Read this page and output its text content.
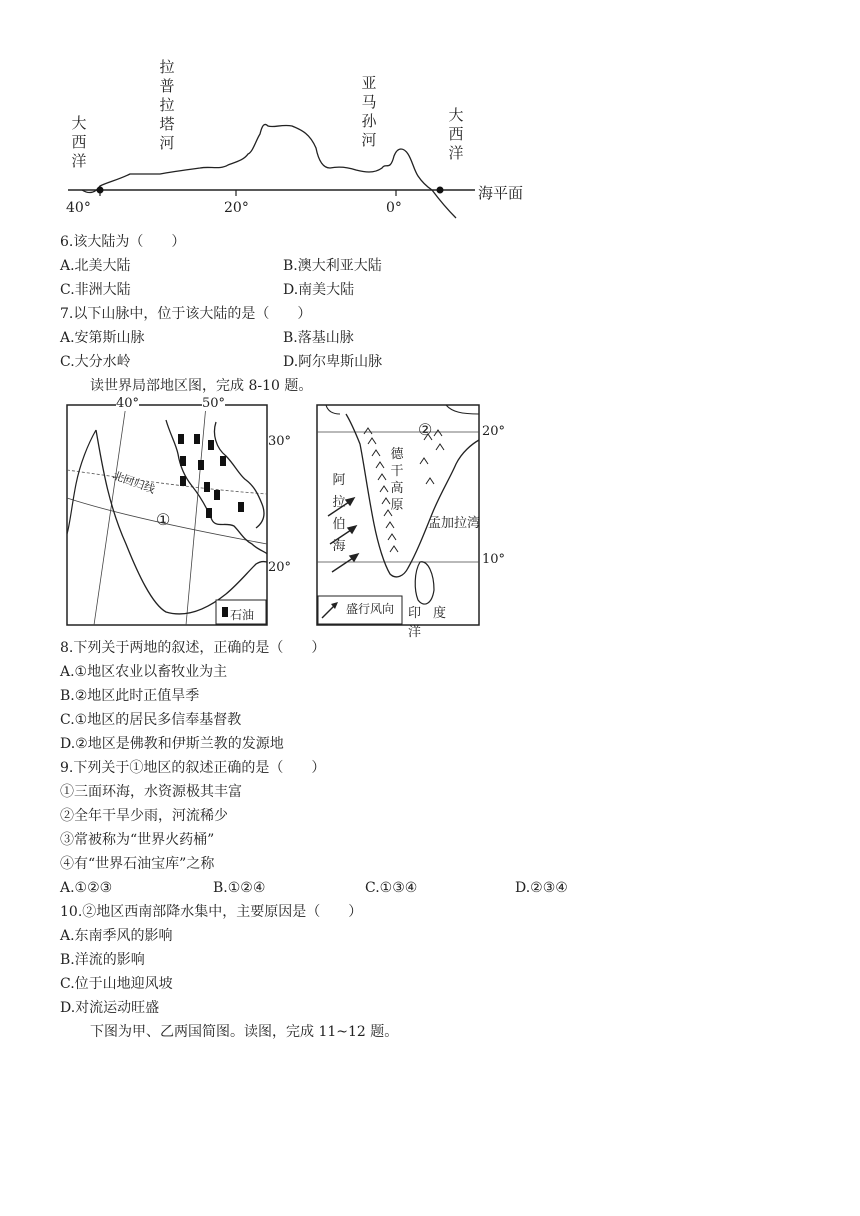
大西洋
拉普拉塔河
亚马孙河
大西洋
海平面
40°	20°	0°
6.该大陆为（　　）
A.北美大陆	B.澳大利亚大陆
C.非洲大陆	D.南美大陆
7.以下山脉中，位于该大陆的是（　　）
A.安第斯山脉	B.落基山脉
C.大分水岭	D.阿尔卑斯山脉
读世界局部地区图，完成 8-10 题。
40°	50°
30°
20°
北回归线
①
石油
②	20°
10°
阿拉伯海
德干高原
孟加拉湾
盛行风向 印度洋
8.下列关于两地的叙述，正确的是（　　）
A.①地区农业以畜牧业为主
B.②地区此时正值旱季
C.①地区的居民多信奉基督教
D.②地区是佛教和伊斯兰教的发源地
9.下列关于①地区的叙述正确的是（　　）
①三面环海，水资源极其丰富
②全年干旱少雨，河流稀少
③常被称为“世界火药桶”
④有“世界石油宝库”之称
A.①②③	B.①②④	C.①③④	D.②③④
10.②地区西南部降水集中，主要原因是（　　）
A.东南季风的影响
B.洋流的影响
C.位于山地迎风坡
D.对流运动旺盛
下图为甲、乙两国简图。读图，完成 11~12 题。
